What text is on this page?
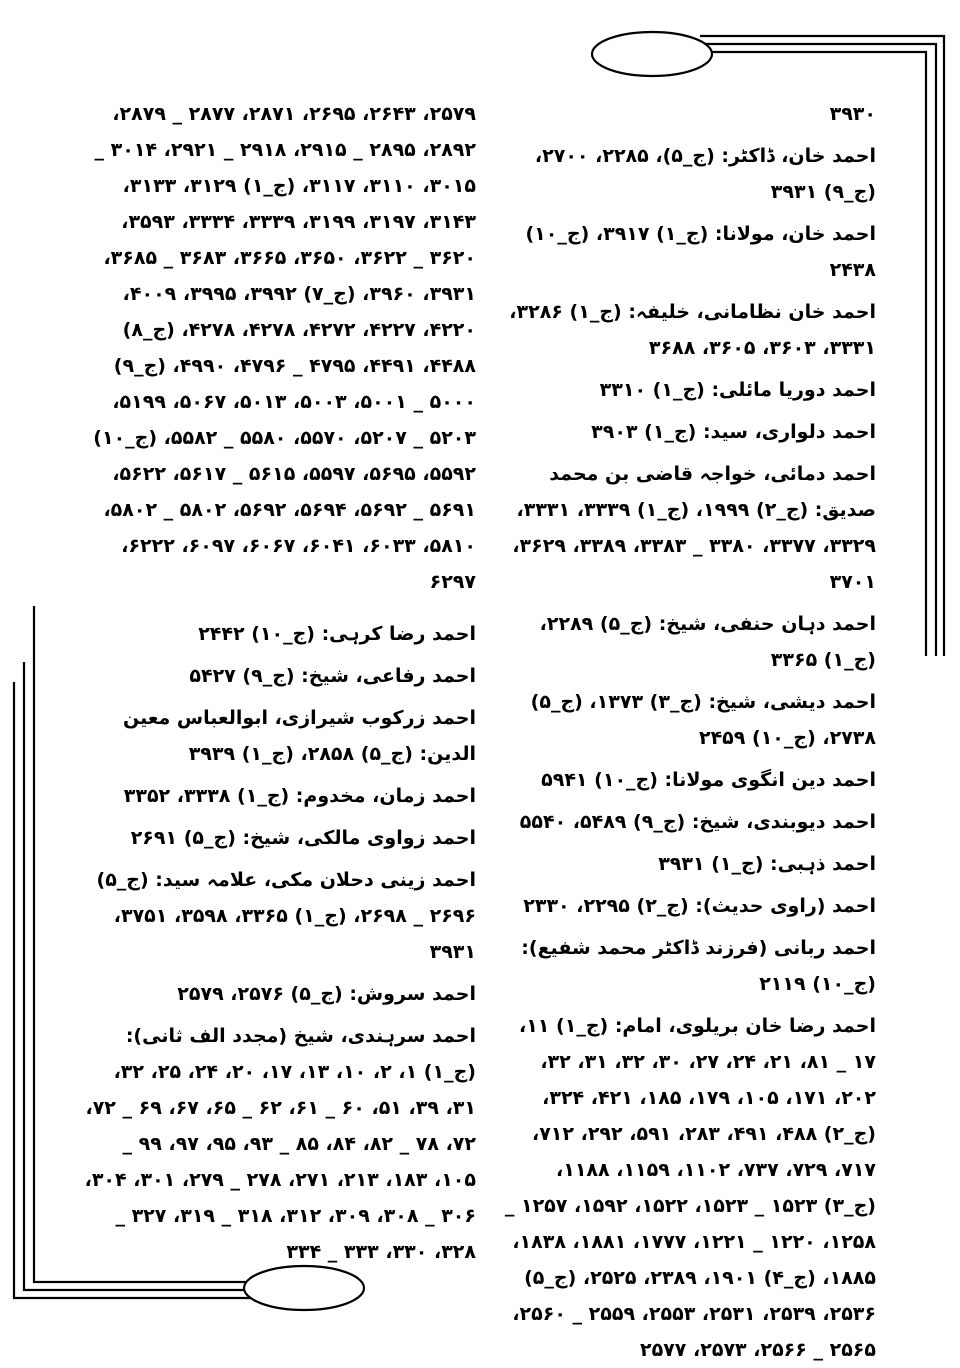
۳۹۳۰

احمد خان، ڈاکٹر: (ج_۵)، ۲۲۸۵، ۲۷۰۰، (ج_۹) ۳۹۳۱

احمد خان، مولانا: (ج_۱) ۳۹۱۷، (ج_۱۰) ۲۴۳۸

احمد خان نظامانی، خلیفہ: (ج_۱) ۳۲۸۶، ۳۳۳۱، ۳۶۰۳، ۳۶۰۵، ۳۶۸۸

احمد دوریا مائلی: (ج_۱) ۳۳۱۰

احمد دلواری، سید: (ج_۱) ۳۹۰۳

احمد دمائی، خواجہ قاضی بن محمد صدیق: (ج_۲) ۱۹۹۹، (ج_۱) ۳۳۳۹، ۳۳۳۱، ۳۳۲۹، ۳۳۷۷، ۳۳۸۰ _ ۳۳۸۳، ۳۳۸۹، ۳۶۲۹، ۳۷۰۱

احمد دہان حنفی، شیخ: (ج_۵) ۲۲۸۹، (ج_۱) ۳۳۶۵

احمد دیشی، شیخ: (ج_۳) ۱۳۷۳، (ج_۵) ۲۷۳۸، (ج_۱۰) ۲۴۵۹

احمد دین انگوی مولانا: (ج_۱۰) ۵۹۴۱

احمد دیوبندی، شیخ: (ج_۹) ۵۴۸۹، ۵۵۴۰

احمد ذہبی: (ج_۱) ۳۹۳۱

احمد (راوی حدیث): (ج_۲) ۲۲۹۵، ۲۳۳۰

احمد ربانی (فرزند ڈاکٹر محمد شفیع): (ج_۱۰) ۲۱۱۹

احمد رضا خان بریلوی، امام: (ج_۱) ۱۱، ۱۷ _ ۸۱، ۲۱، ۲۴، ۲۷، ۳۰، ۳۲، ۳۱، ۳۲، ۲۰۲، ۱۷۱، ۱۰۵، ۱۷۹، ۱۸۵، ۴۲۱، ۳۲۴، (ج_۲) ۴۸۸، ۴۹۱، ۲۸۳، ۵۹۱، ۲۹۲، ۷۱۲، ۷۱۷، ۷۲۹، ۷۳۷، ۱۱۰۲، ۱۱۵۹، ۱۱۸۸، (ج_۳) ۱۵۲۳ _ ۱۵۲۳، ۱۵۲۲، ۱۵۹۲، ۱۲۵۷ _ ۱۲۵۸، ۱۲۲۰ _ ۱۲۲۱، ۱۷۷۷، ۱۸۸۱، ۱۸۳۸، ۱۸۸۵، (ج_۴) ۱۹۰۱، ۲۳۸۹، ۲۵۲۵، (ج_۵) ۲۵۳۶، ۲۵۳۹، ۲۵۳۱، ۲۵۵۳، ۲۵۵۹ _ ۲۵۶۰، ۲۵۶۵ _ ۲۵۶۶، ۲۵۷۳، ۲۵۷۷

۲۵۷۹، ۲۶۴۳، ۲۶۹۵، ۲۸۷۱، ۲۸۷۷ _ ۲۸۷۹، ۲۸۹۲، ۲۸۹۵ _ ۲۹۱۵، ۲۹۱۸ _ ۲۹۲۱، ۳۰۱۴ _ ۳۰۱۵، ۳۱۱۰، ۳۱۱۷، (ج_۱) ۳۱۲۹، ۳۱۳۳، ۳۱۴۳، ۳۱۹۷، ۳۱۹۹، ۳۳۳۹، ۳۳۳۴، ۳۵۹۳، ۳۶۲۰ _ ۳۶۲۲، ۳۶۵۰، ۳۶۶۵، ۳۶۸۳ _ ۳۶۸۵، ۳۹۳۱، ۳۹۶۰، (ج_۷) ۳۹۹۲، ۳۹۹۵، ۴۰۰۹، ۴۲۲۰، ۴۲۲۷، ۴۲۷۲، ۴۲۷۸، ۴۲۷۸، (ج_۸) ۴۴۸۸، ۴۴۹۱، ۴۷۹۵ _ ۴۷۹۶، ۴۹۹۰، (ج_۹) ۵۰۰۰ _ ۵۰۰۱، ۵۰۰۳، ۵۰۱۳، ۵۰۶۷، ۵۱۹۹، ۵۲۰۳ _ ۵۲۰۷، ۵۵۷۰، ۵۵۸۰ _ ۵۵۸۲، (ج_۱۰) ۵۵۹۲، ۵۶۹۵، ۵۵۹۷، ۵۶۱۵ _ ۵۶۱۷، ۵۶۲۲، ۵۶۹۱ _ ۵۶۹۲، ۵۶۹۴، ۵۶۹۲، ۵۸۰۲ _ ۵۸۰۲، ۵۸۱۰، ۶۰۳۳، ۶۰۴۱، ۶۰۶۷، ۶۰۹۷، ۶۲۲۲، ۶۲۹۷

احمد رضا کرہی: (ج_۱۰) ۲۴۴۲

احمد رفاعی، شیخ: (ج_۹) ۵۴۲۷

احمد زرکوب شیرازی، ابوالعباس معین الدین: (ج_۵) ۲۸۵۸، (ج_۱) ۳۹۳۹

احمد زمان، مخدوم: (ج_۱) ۳۳۳۸، ۳۳۵۲

احمد زواوی مالکی، شیخ: (ج_۵) ۲۶۹۱

احمد زینی دحلان مکی، علامہ سید: (ج_۵) ۲۶۹۶ _ ۲۶۹۸، (ج_۱) ۳۳۶۵، ۳۵۹۸، ۳۷۵۱، ۳۹۳۱

احمد سروش: (ج_۵) ۲۵۷۶، ۲۵۷۹

احمد سرہندی، شیخ (مجدد الف ثانی): (ج_۱) ۱، ۲، ۱۰، ۱۳، ۱۷، ۲۰، ۲۴، ۲۵، ۳۲، ۳۱، ۳۹، ۵۱، ۶۰ _ ۶۱، ۶۲ _ ۶۵، ۶۷، ۶۹ _ ۷۲، ۷۲، ۷۸ _ ۸۲، ۸۴، ۸۵ _ ۹۳، ۹۵، ۹۷، ۹۹ _ ۱۰۵، ۱۸۳، ۲۱۳، ۲۷۱، ۲۷۸ _ ۲۷۹، ۳۰۱، ۳۰۴، ۳۰۶ _ ۳۰۸، ۳۰۹، ۳۱۲، ۳۱۸ _ ۳۱۹، ۳۲۷ _ ۳۲۸، ۳۳۰، ۳۳۳ _ ۳۳۴
